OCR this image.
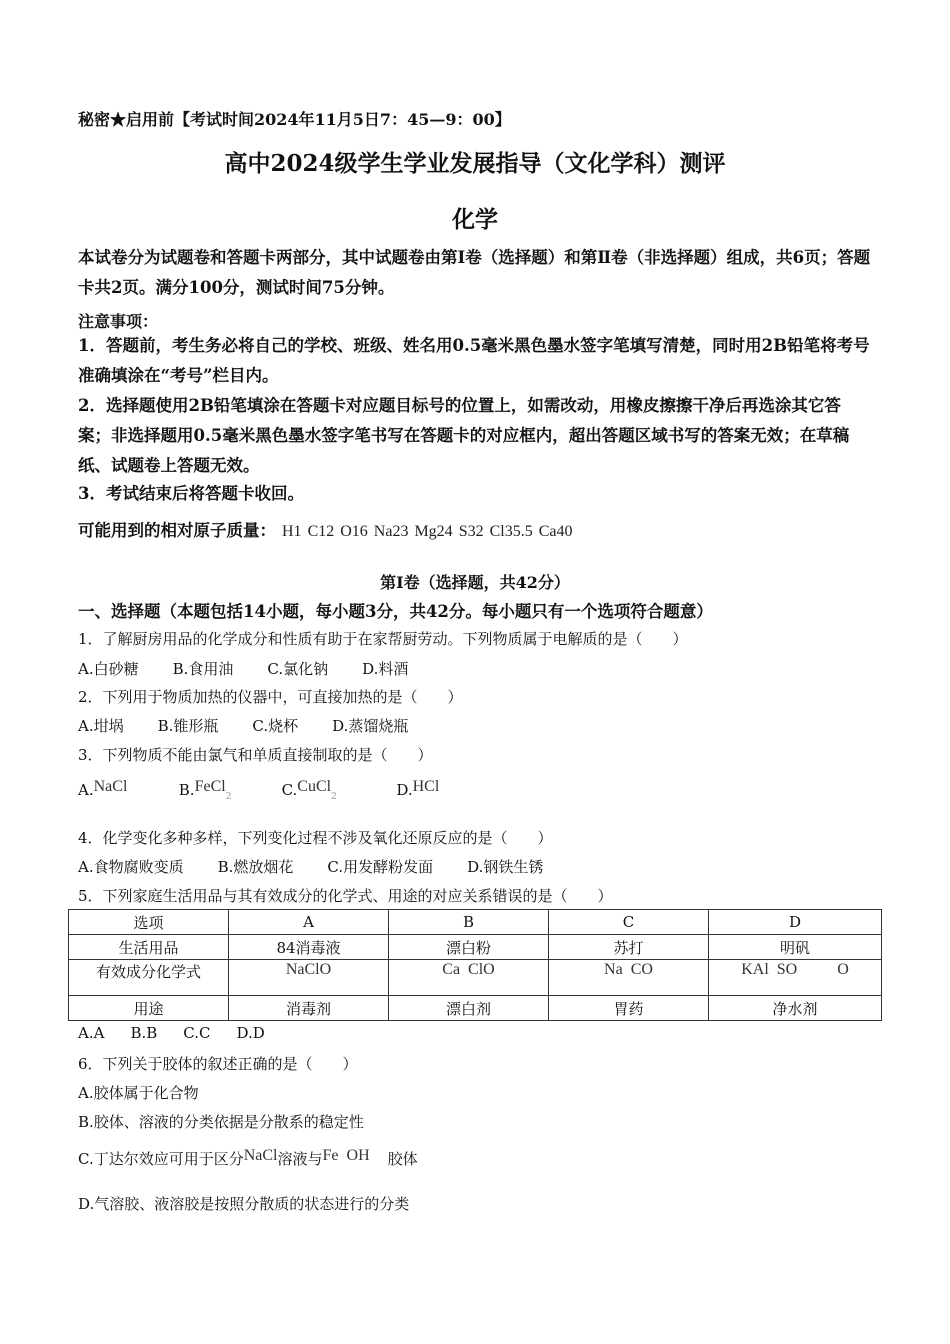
秘密★启用前【考试时间2024年11月5日7：45—9：00】
高中2024级学生学业发展指导（文化学科）测评
化学
本试卷分为试题卷和答题卡两部分，其中试题卷由第Ⅰ卷（选择题）和第Ⅱ卷（非选择题）组成，共6页；答题卡共2页。满分100分，测试时间75分钟。
注意事项：
1．答题前，考生务必将自己的学校、班级、姓名用0.5毫米黑色墨水签字笔填写清楚，同时用2B铅笔将考号准确填涂在“考号”栏目内。
2．选择题使用2B铅笔填涂在答题卡对应题目标号的位置上，如需改动，用橡皮擦擦干净后再选涂其它答案；非选择题用0.5毫米黑色墨水签字笔书写在答题卡的对应框内，超出答题区域书写的答案无效；在草稿纸、试题卷上答题无效。
3．考试结束后将答题卡收回。
可能用到的相对原子质量： H1 C12 O16 Na23 Mg24 S32 Cl35.5 Ca40
第Ⅰ卷（选择题，共42分）
一、选择题（本题包括14小题，每小题3分，共42分。每小题只有一个选项符合题意）
1．了解厨房用品的化学成分和性质有助于在家帮厨劳动。下列物质属于电解质的是（　　）
A.白砂糖 B.食用油 C.氯化钠 D.料酒
2．下列用于物质加热的仪器中，可直接加热的是（　　）
A.坩埚 B.锥形瓶 C.烧杯 D.蒸馏烧瓶
3．下列物质不能由氯气和单质直接制取的是（　　）
A.NaCl	B.FeCl$_2$	C.CuCl$_2$	D.HCl
4．化学变化多种多样，下列变化过程不涉及氧化还原反应的是（　　）
A.食物腐败变质 B.燃放烟花 C.用发酵粉发面 D.钢铁生锈
5．下列家庭生活用品与其有效成分的化学式、用途的对应关系错误的是（　　）
选项	A	B	C	D
生活用品	84消毒液	漂白粉	苏打	明矾
有效成分化学式	NaClO	Ca  ClO	Na  CO	KAl  SO          O
用途	消毒剂	漂白剂	胃药	净水剂
A.A B.B C.C D.D
6．下列关于胶体的叙述正确的是（　　）
A.胶体属于化合物
B.胶体、溶液的分类依据是分散系的稳定性
C.丁达尔效应可用于区分NaCl溶液与Fe  OH 胶体
D.气溶胶、液溶胶是按照分散质的状态进行的分类
